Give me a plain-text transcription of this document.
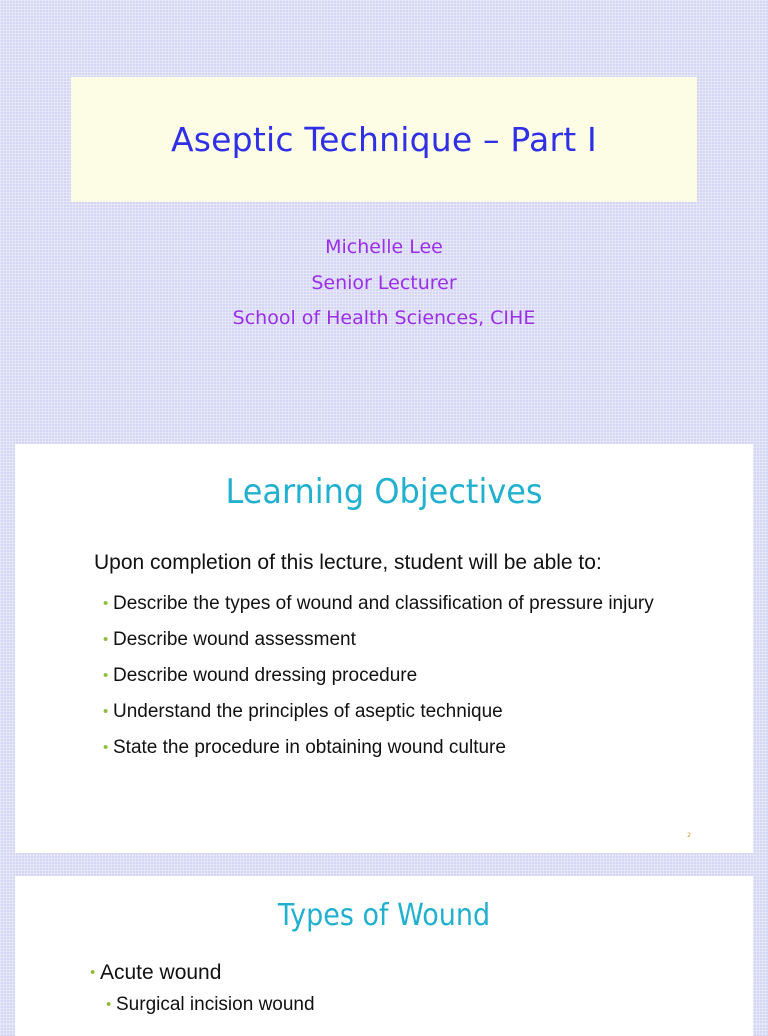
Aseptic Technique – Part I
Michelle Lee
Senior Lecturer
School of Health Sciences, CIHE
Learning Objectives

Upon completion of this lecture, student will be able to:

• Describe the types of wound and classification of pressure injury
• Describe wound assessment
• Describe wound dressing procedure
• Understand the principles of aseptic technique
• State the procedure in obtaining wound culture
2
Types of Wound
• Acute wound
• Surgical incision wound
